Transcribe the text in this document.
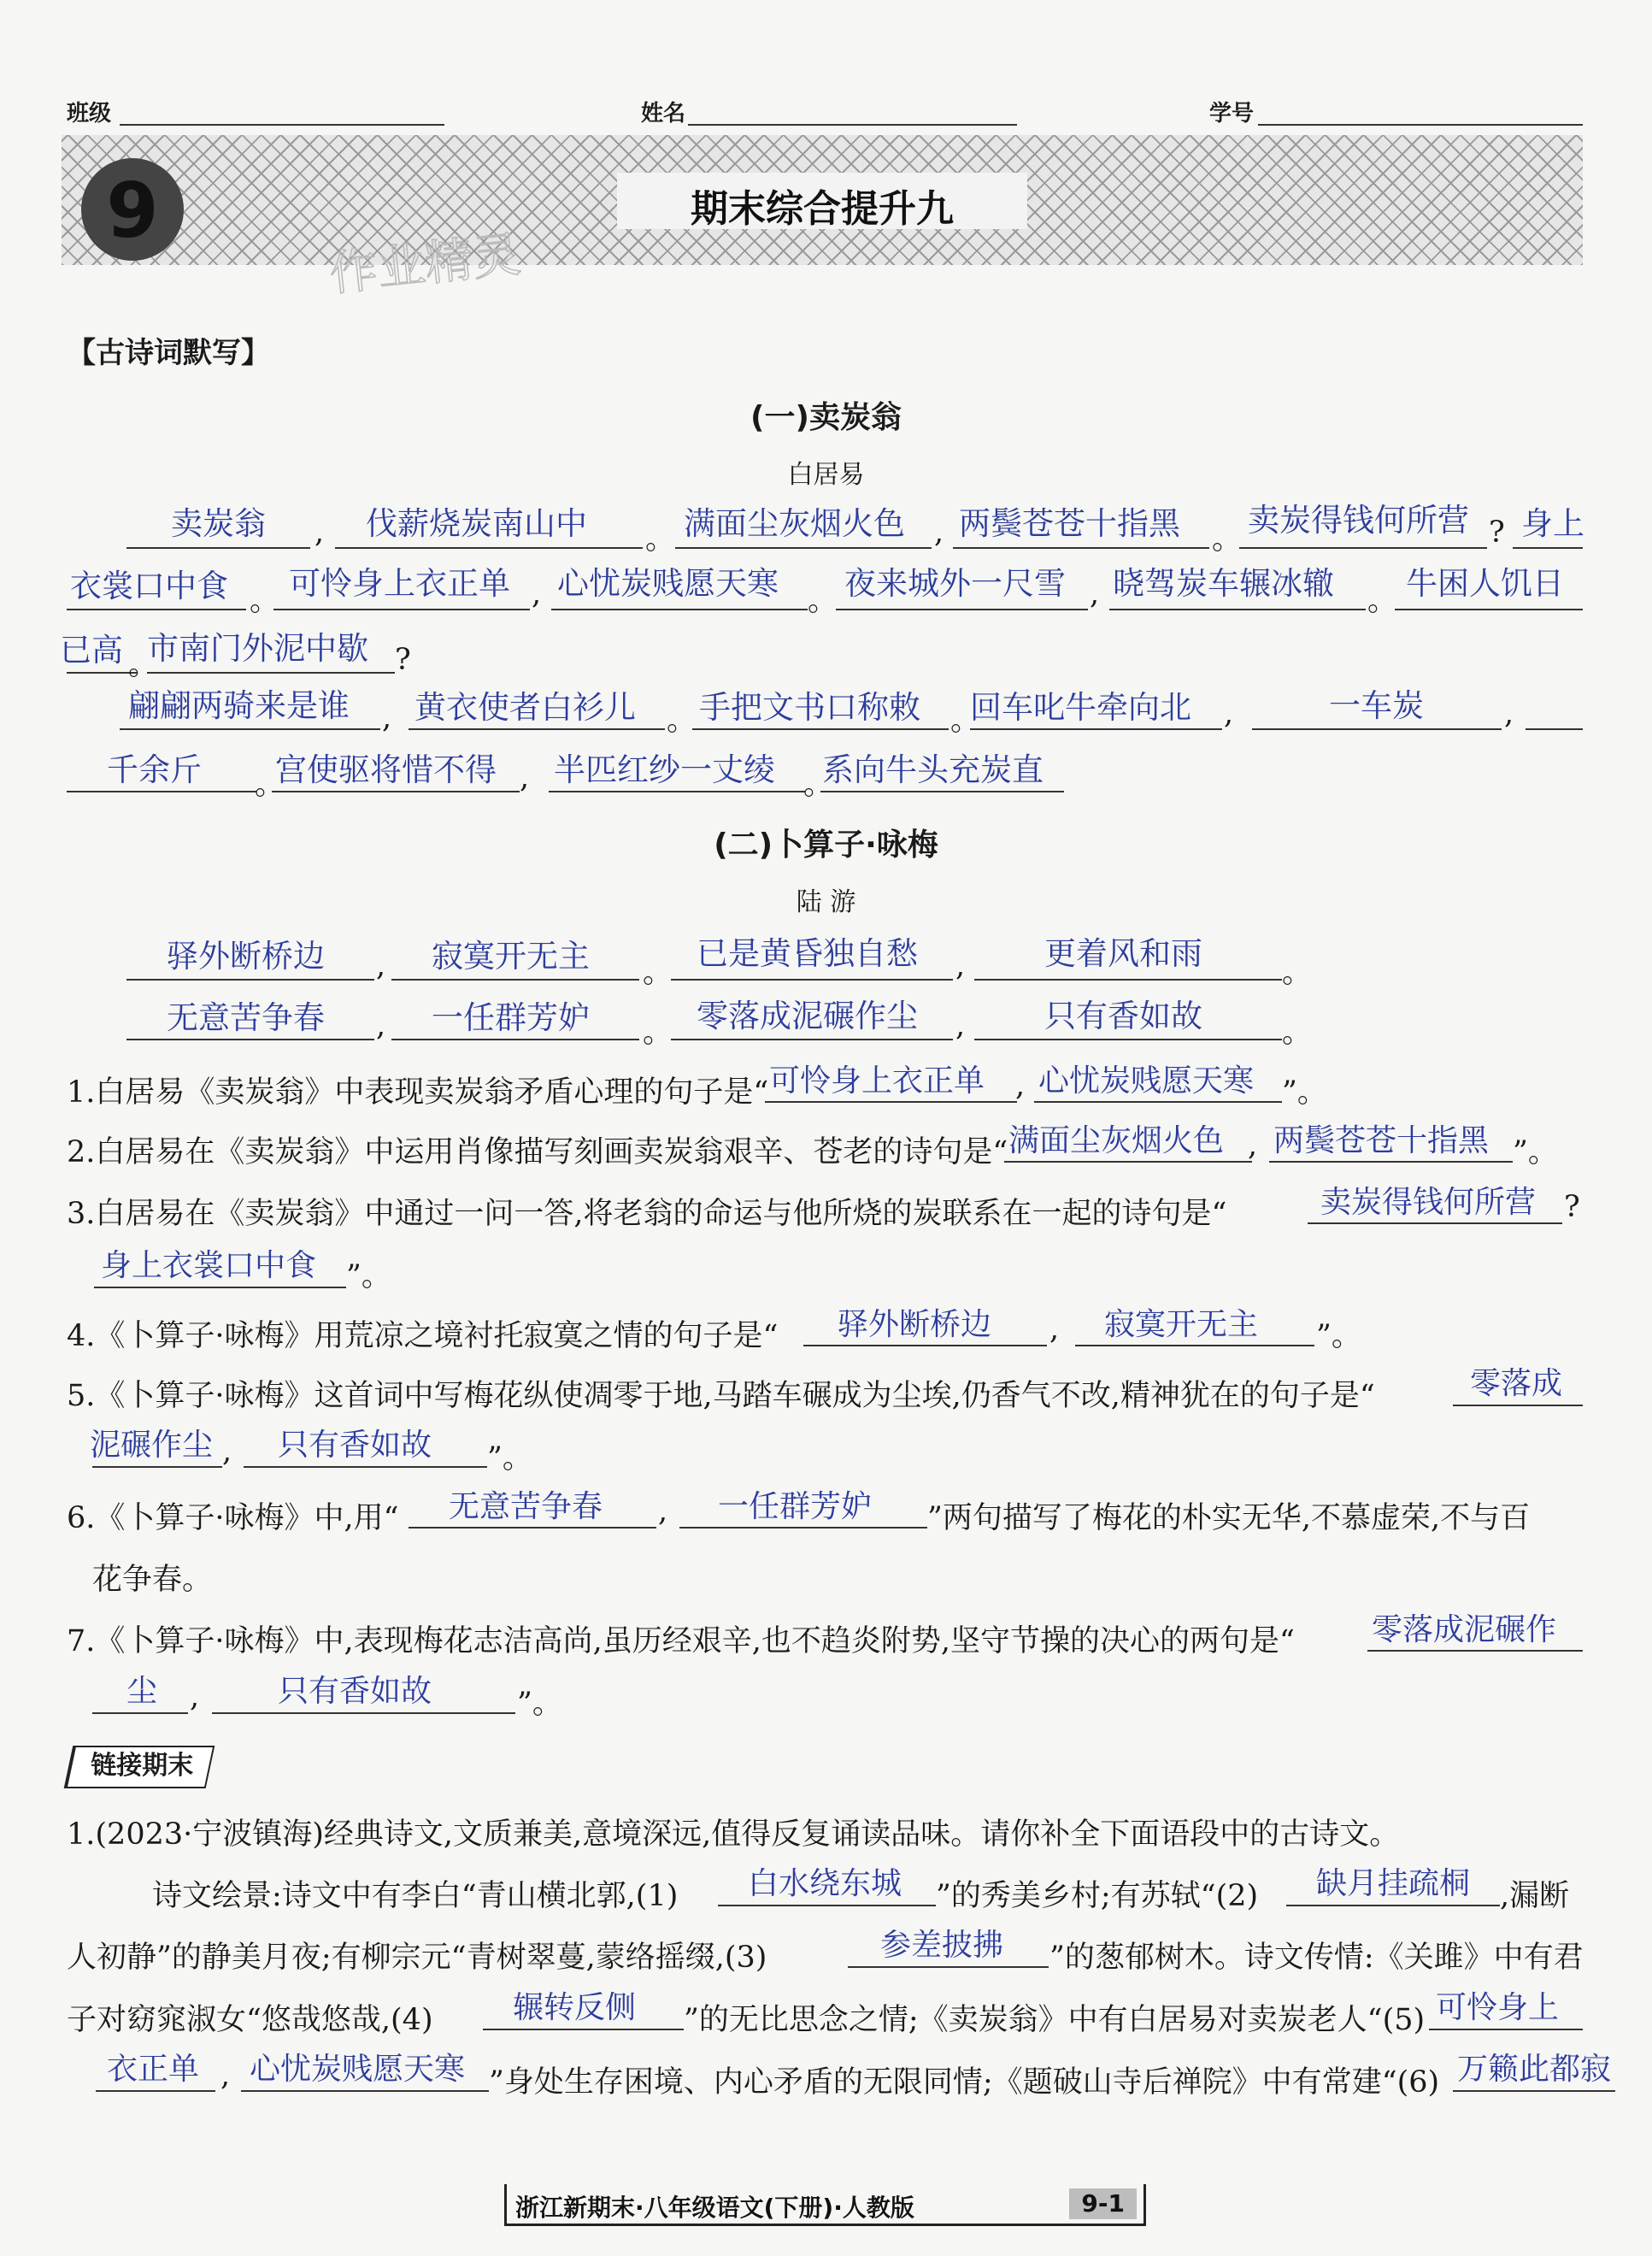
班级	姓名	学号
期末综合提升九
9
作业精灵
【古诗词默写】
(一)卖炭翁
白居易
卖炭翁 , 伐薪烧炭南山中 。 满面尘灰烟火色 , 两鬓苍苍十指黑 。
卖炭得钱何所营 ? 身上
衣裳口中食 。 可怜身上衣正单 , 心忧炭贱愿天寒 。 夜来城外一尺雪 , 晓驾炭车辗冰辙 。 牛困人饥日
已高 。
市南门外泥中歇 ?
翩翩两骑来是谁 , 黄衣使者白衫儿 。 手把文书口称敕 。
回车叱牛牵向北 ,	一车炭	,
千余斤 。
宫使驱将惜不得 , 半匹红纱一丈绫 。
系向牛头充炭直
(二)卜算子·咏梅
陆 游
驿外断桥边 , 寂寞开无主 。
已是黄昏独自愁 ,	更着风和雨
。
无意苦争春 , 一任群芳妒 。 零落成泥碾作尘 ,	只有香如故	。
1.白居易《卖炭翁》中表现卖炭翁矛盾心理的句子是“ 可怜身上衣正单 , 心忧炭贱愿天寒 ”。
2.白居易在《卖炭翁》中运用肖像描写刻画卖炭翁艰辛、苍老的诗句是“ 满面尘灰烟火色 , 两鬓苍苍十指黑 ”。
3.白居易在《卖炭翁》中通过一问一答,将老翁的命运与他所烧的炭联系在一起的诗句是“	卖炭得钱何所营 ?
身上衣裳口中食 ”。
4.《卜算子·咏梅》用荒凉之境衬托寂寞之情的句子是“ 驿外断桥边 , 寂寞开无主 ”。
5.《卜算子·咏梅》这首词中写梅花纵使凋零于地,马踏车碾成为尘埃,仍香气不改,精神犹在的句子是“	零落成
泥碾作尘 , 只有香如故 ”。
6.《卜算子·咏梅》中,用“ 无意苦争春 , 一任群芳妒 ”两句描写了梅花的朴实无华,不慕虚荣,不与百
花争春。
7.《卜算子·咏梅》中,表现梅花志洁高尚,虽历经艰辛,也不趋炎附势,坚守节操的决心的两句是“	零落成泥碾作
尘 ,	只有香如故	”。
链接期末
1.(2023·宁波镇海)经典诗文,文质兼美,意境深远,值得反复诵读品味。请你补全下面语段中的古诗文。
诗文绘景:诗文中有李白“青山横北郭,(1) 白水绕东城 ”的秀美乡村;有苏轼“(2) 缺月挂疏桐 ,漏断
人初静”的静美月夜;有柳宗元“青树翠蔓,蒙络摇缀,(3)	参差披拂 ”的葱郁树木。诗文传情:《关雎》中有君
子对窈窕淑女“悠哉悠哉,(4)	辗转反侧 ”的无比思念之情;《卖炭翁》中有白居易对卖炭老人“(5) 可怜身上
衣正单 , 心忧炭贱愿天寒 ”身处生存困境、内心矛盾的无限同情;《题破山寺后禅院》中有常建“(6) 万籁此都寂
浙江新期末·八年级语文(下册)·人教版	9-1
